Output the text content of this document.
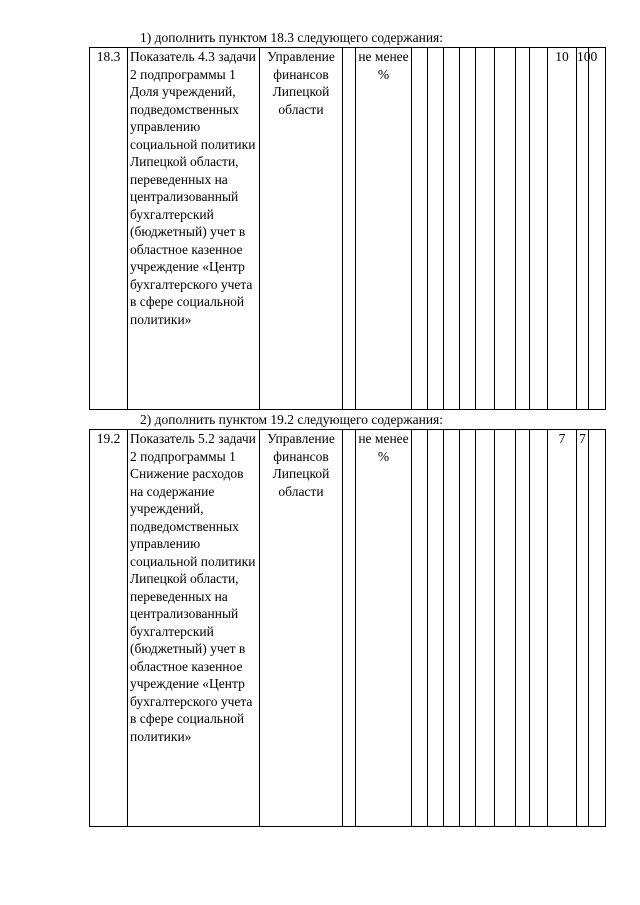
1) дополнить пунктом 18.3 следующего содержания:
18.3	Показатель 4.3 задачи 2 подпрограммы 1 Доля учреждений, подведомственных управлению социальной политики Липецкой области, переведенных на централизованный бухгалтерский (бюджетный) учет в областное казенное учреждение «Центр бухгалтерского учета в сфере социальной политики»	Управление финансов Липецкой области		не менее %									10	100	
2) дополнить пунктом 19.2 следующего содержания:
19.2	Показатель 5.2 задачи 2 подпрограммы 1 Снижение расходов на содержание учреждений, подведомственных управлению социальной политики Липецкой области, переведенных на централизованный бухгалтерский (бюджетный) учет в областное казенное учреждение «Центр бухгалтерского учета в сфере социальной политики»	Управление финансов Липецкой области		не менее %									7	7	
